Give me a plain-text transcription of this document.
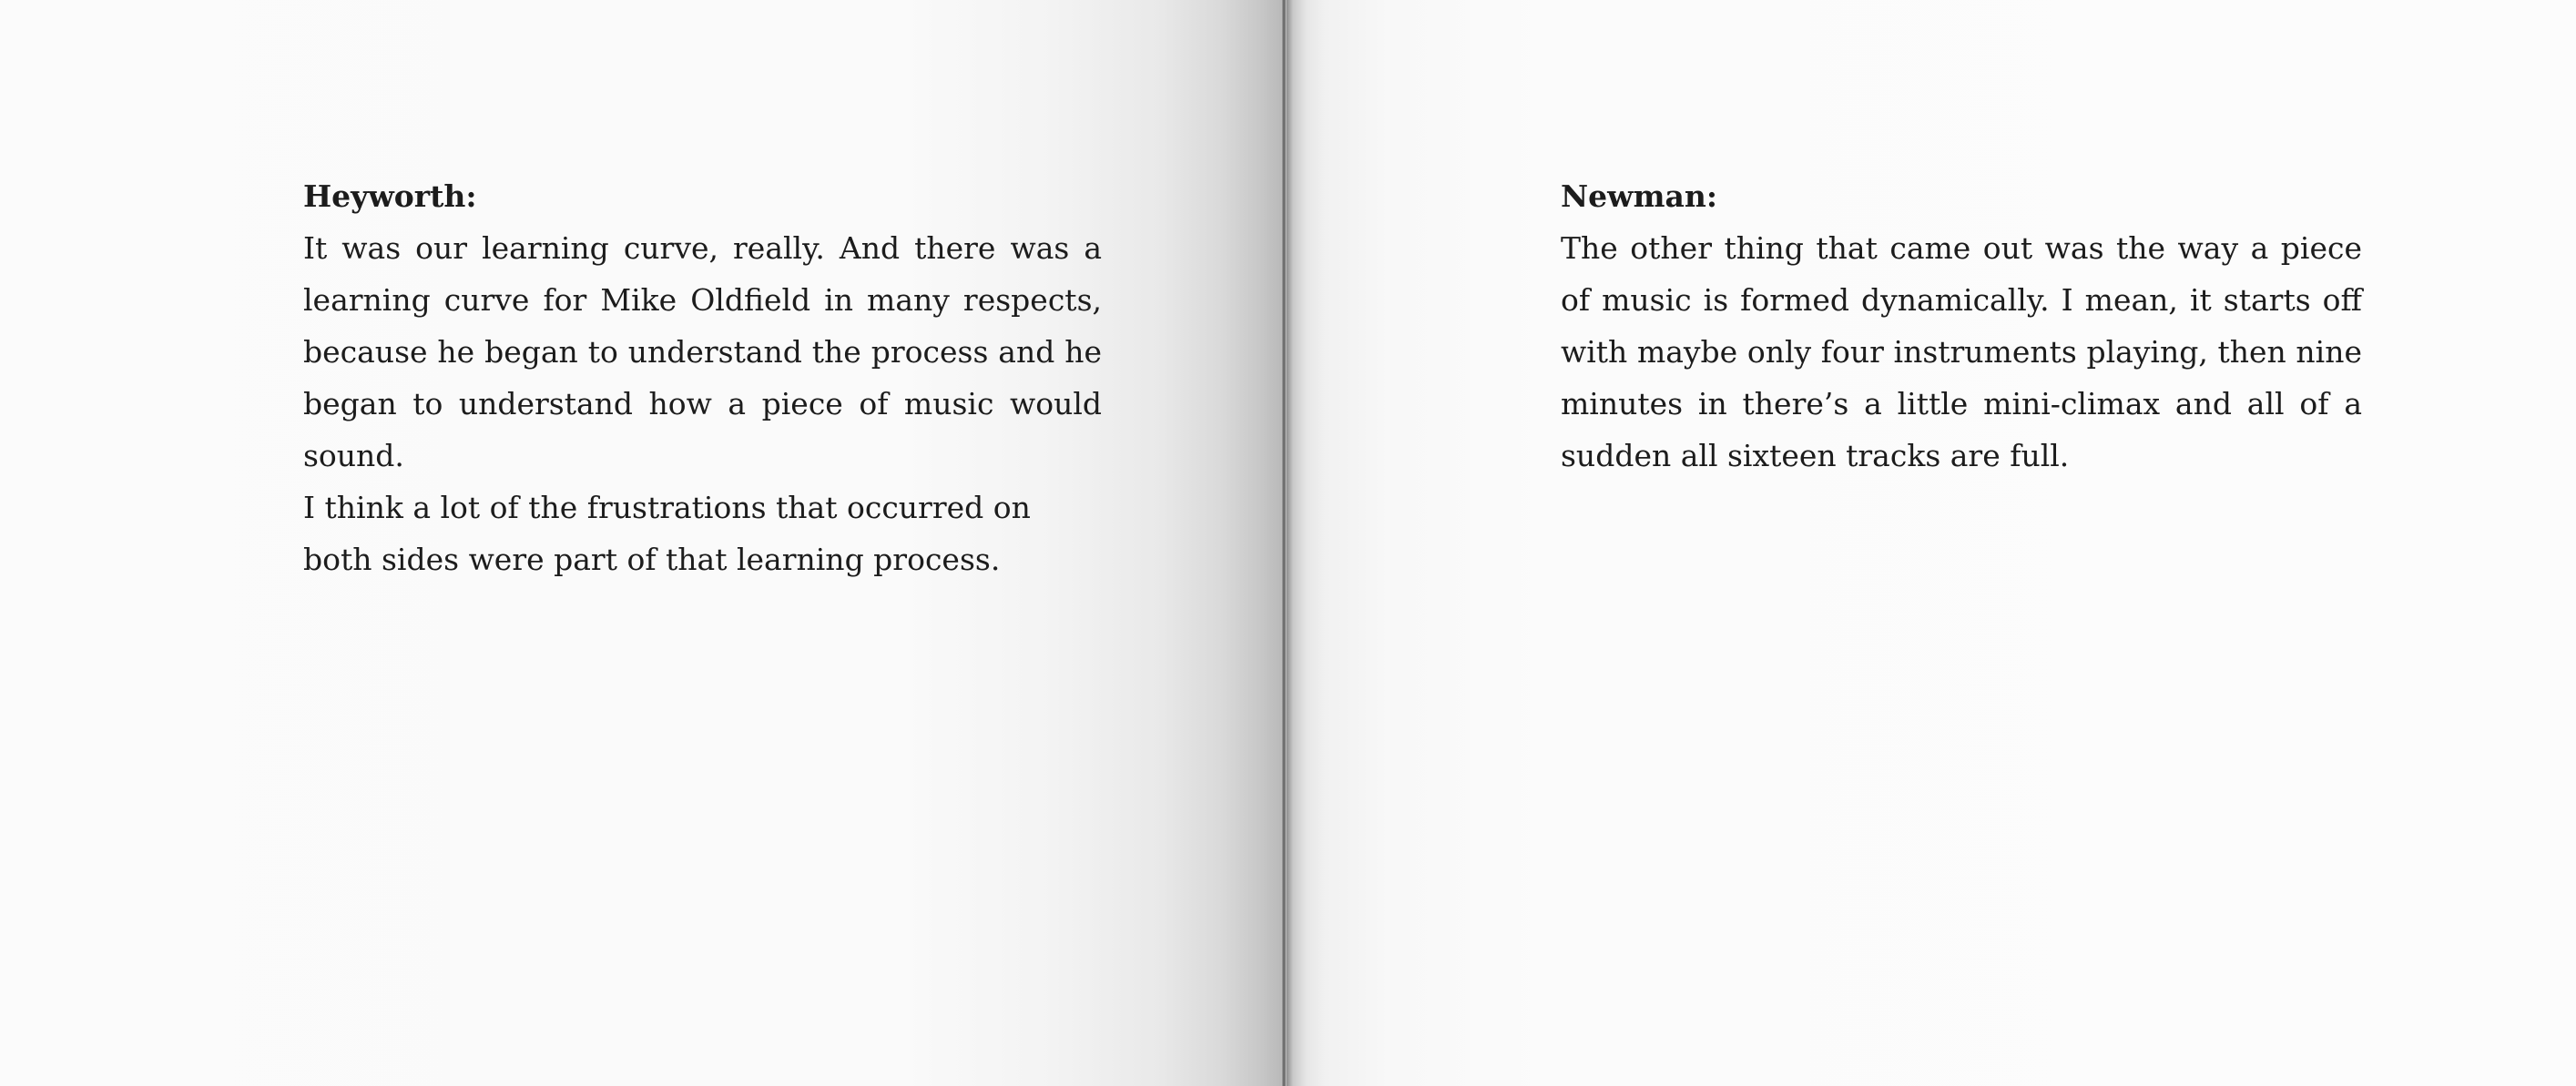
Heyworth:
It was our learning curve, really. And there was a learning curve for Mike Oldfield in many respects, because he began to understand the process and he began to understand how a piece of music would sound.
I think a lot of the frustrations that occurred on both sides were part of that learning process.
Newman:
The other thing that came out was the way a piece of music is formed dynamically. I mean, it starts off with maybe only four instruments playing, then nine minutes in there’s a little mini-climax and all of a sudden all sixteen tracks are full.
